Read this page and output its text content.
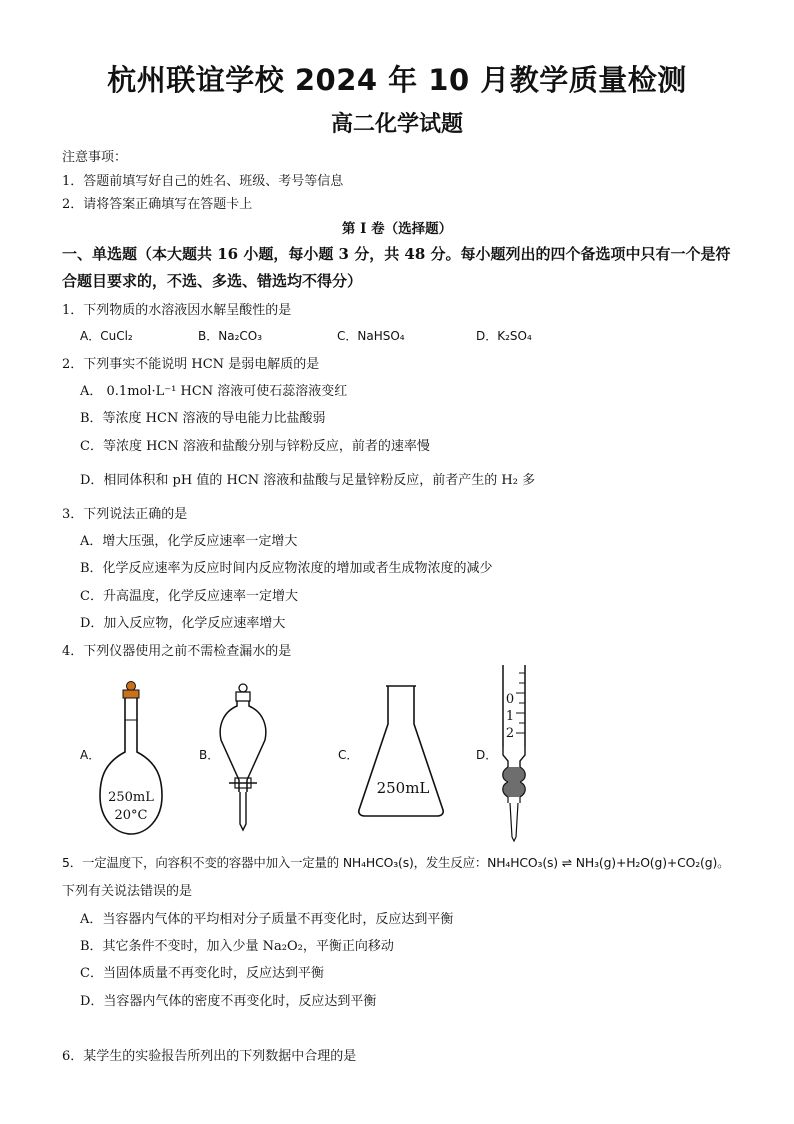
杭州联谊学校 2024 年 10 月教学质量检测
高二化学试题
注意事项：
1．答题前填写好自己的姓名、班级、考号等信息
2．请将答案正确填写在答题卡上
第 I 卷（选择题）
一、单选题（本大题共 16 小题，每小题 3 分，共 48 分。每小题列出的四个备选项中只有一个是符合题目要求的，不选、多选、错选均不得分）
1．下列物质的水溶液因水解呈酸性的是
A．CuCl₂	B．Na₂CO₃	C．NaHSO₄	D．K₂SO₄
2．下列事实不能说明 HCN 是弱电解质的是
A． 0.1mol·L⁻¹ HCN 溶液可使石蕊溶液变红
B．等浓度 HCN 溶液的导电能力比盐酸弱
C．等浓度 HCN 溶液和盐酸分别与锌粉反应，前者的速率慢
D．相同体积和 pH 值的 HCN 溶液和盐酸与足量锌粉反应，前者产生的 H₂ 多
3．下列说法正确的是
A．增大压强，化学反应速率一定增大
B．化学反应速率为反应时间内反应物浓度的增加或者生成物浓度的减少
C．升高温度，化学反应速率一定增大
D．加入反应物，化学反应速率增大
4．下列仪器使用之前不需检查漏水的是
A．	B．	C．	D．
250mL
20°C
250mL
0
1
2
5．一定温度下，向容积不变的容器中加入一定量的 NH₄HCO₃(s)，发生反应：NH₄HCO₃(s) ⇌ NH₃(g)+H₂O(g)+CO₂(g)。
下列有关说法错误的是
A．当容器内气体的平均相对分子质量不再变化时，反应达到平衡
B．其它条件不变时，加入少量 Na₂O₂，平衡正向移动
C．当固体质量不再变化时，反应达到平衡
D．当容器内气体的密度不再变化时，反应达到平衡
6．某学生的实验报告所列出的下列数据中合理的是
